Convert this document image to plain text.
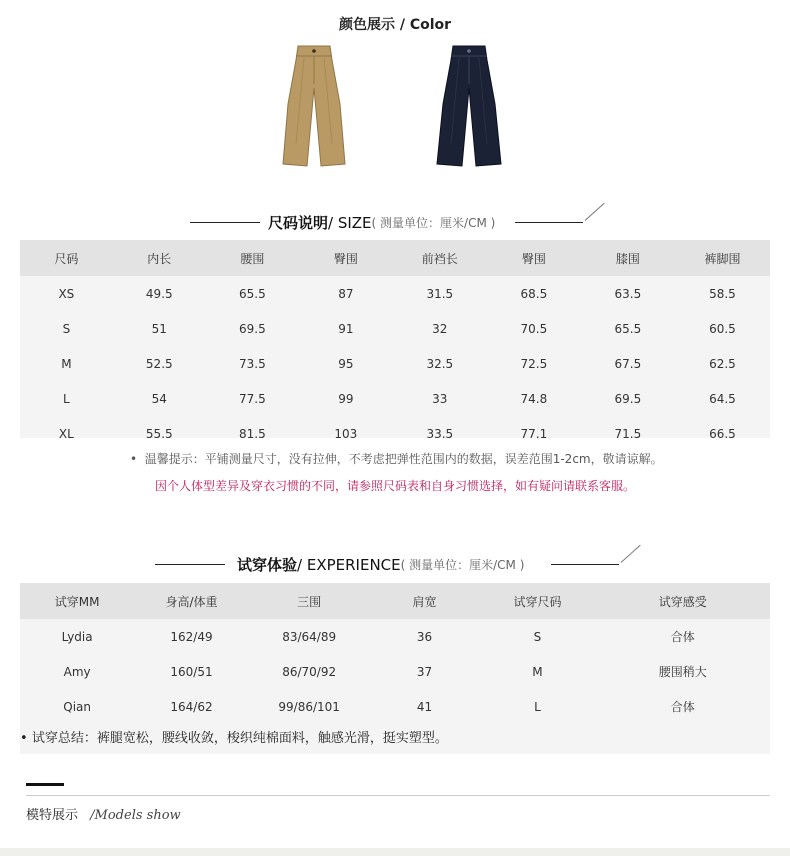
颜色展示 / Color
尺码说明 / SIZE ( 测量单位：厘米/CM )
尺码	内长	腰围	臀围	前裆长	臀围	膝围	裤脚围
XS	49.5	65.5	87	31.5	68.5	63.5	58.5
S	51	69.5	91	32	70.5	65.5	60.5
M	52.5	73.5	95	32.5	72.5	67.5	62.5
L	54	77.5	99	33	74.8	69.5	64.5
XL	55.5	81.5	103	33.5	77.1	71.5	66.5
• 温馨提示：平铺测量尺寸，没有拉伸，不考虑把弹性范围内的数据，误差范围1-2cm，敬请谅解。
因个人体型差异及穿衣习惯的不同，请参照尺码表和自身习惯选择，如有疑问请联系客服。
试穿体验 / EXPERIENCE ( 测量单位：厘米/CM )
试穿MM	身高/体重	三围	肩宽	试穿尺码	试穿感受
Lydia	162/49	83/64/89	36	S	合体
Amy	160/51	86/70/92	37	M	腰围稍大
Qian	164/62	99/86/101	41	L	合体
• 试穿总结：裤腿宽松，腰线收敛，梭织纯棉面料，触感光滑，挺实塑型。
模特展示 /Models show
